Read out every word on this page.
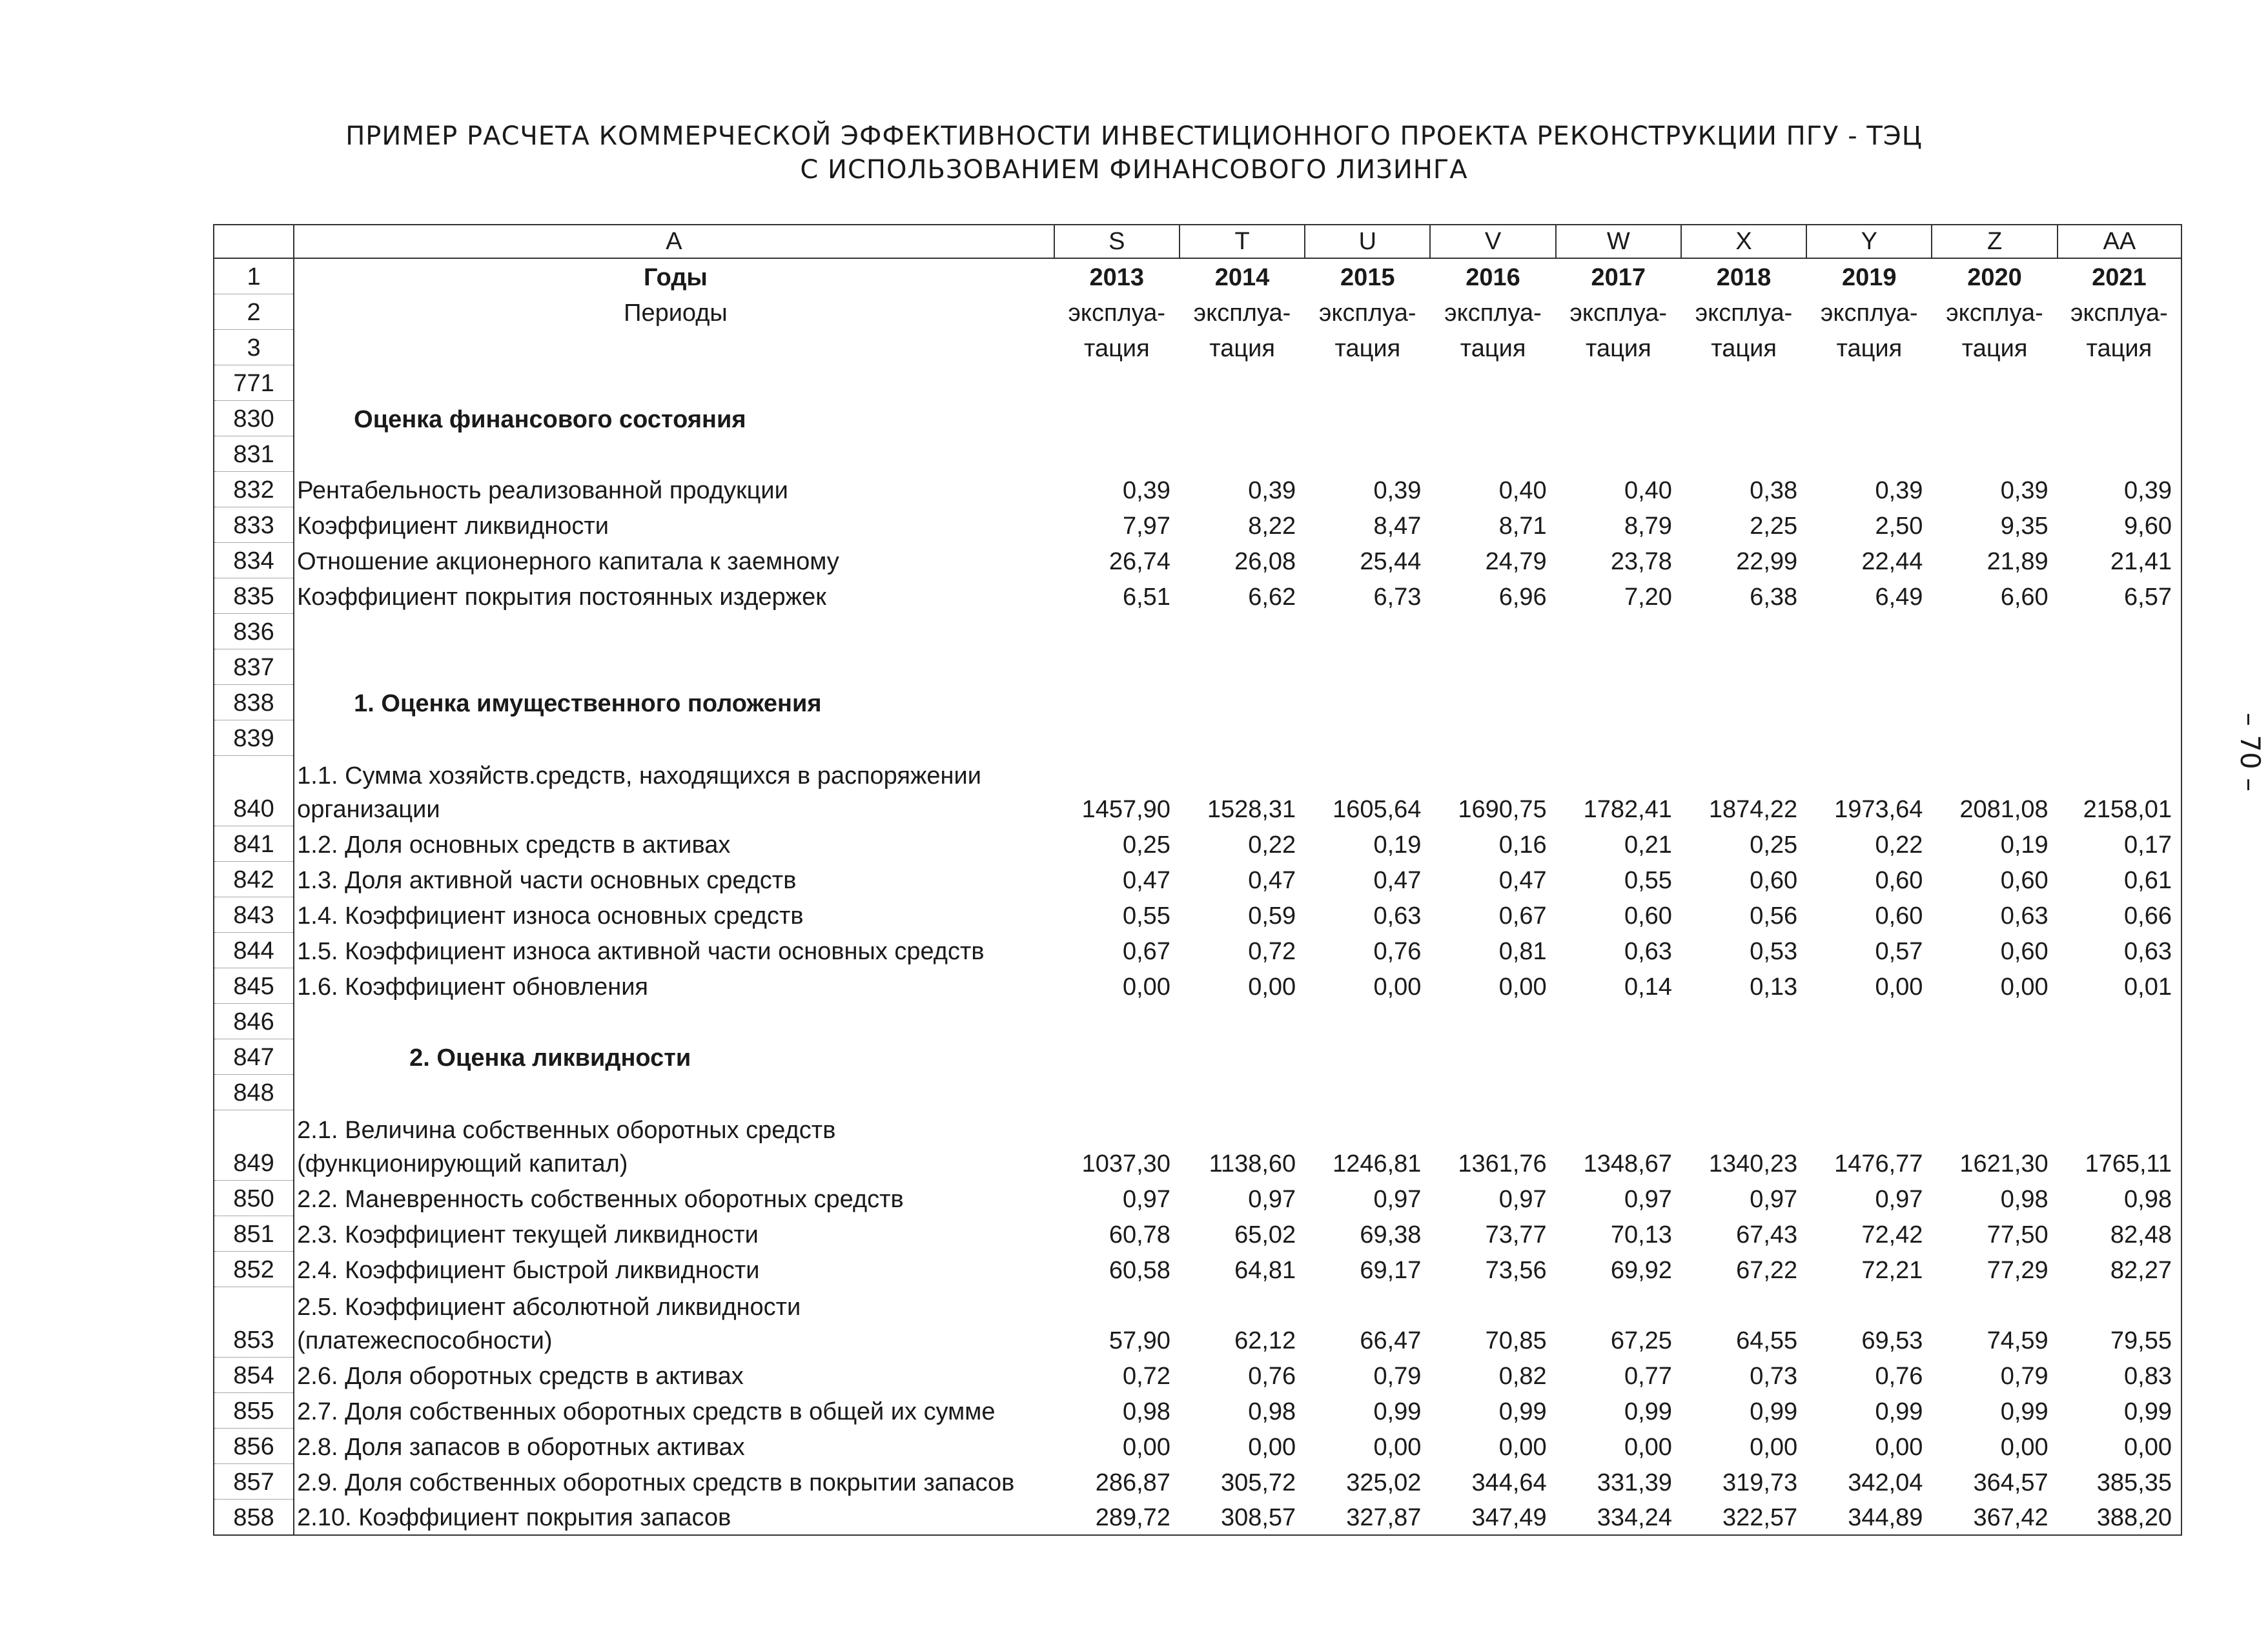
ПРИМЕР РАСЧЕТА КОММЕРЧЕСКОЙ ЭФФЕКТИВНОСТИ ИНВЕСТИЦИОННОГО ПРОЕКТА РЕКОНСТРУКЦИИ ПГУ - ТЭЦ
С ИСПОЛЬЗОВАНИЕМ ФИНАНСОВОГО ЛИЗИНГА
	A	S	T	U	V	W	X	Y	Z	AA
1	Годы	2013	2014	2015	2016	2017	2018	2019	2020	2021
2	Периоды	эксплуа-	эксплуа-	эксплуа-	эксплуа-	эксплуа-	эксплуа-	эксплуа-	эксплуа-	эксплуа-
3		тация	тация	тация	тация	тация	тация	тация	тация	тация
771										
830	Оценка финансового состояния									
831										
832	Рентабельность реализованной продукции	0,39	0,39	0,39	0,40	0,40	0,38	0,39	0,39	0,39
833	Коэффициент ликвидности	7,97	8,22	8,47	8,71	8,79	2,25	2,50	9,35	9,60
834	Отношение акционерного капитала к заемному	26,74	26,08	25,44	24,79	23,78	22,99	22,44	21,89	21,41
835	Коэффициент покрытия постоянных издержек	6,51	6,62	6,73	6,96	7,20	6,38	6,49	6,60	6,57
836										
837										
838	1. Оценка имущественного положения									
839										
840	1.1. Сумма хозяйств.средств, находящихся в распоряжении организации	1457,90	1528,31	1605,64	1690,75	1782,41	1874,22	1973,64	2081,08	2158,01
841	1.2. Доля основных средств в активах	0,25	0,22	0,19	0,16	0,21	0,25	0,22	0,19	0,17
842	1.3. Доля активной части основных средств	0,47	0,47	0,47	0,47	0,55	0,60	0,60	0,60	0,61
843	1.4. Коэффициент износа основных средств	0,55	0,59	0,63	0,67	0,60	0,56	0,60	0,63	0,66
844	1.5. Коэффициент износа активной части основных средств	0,67	0,72	0,76	0,81	0,63	0,53	0,57	0,60	0,63
845	1.6. Коэффициент обновления	0,00	0,00	0,00	0,00	0,14	0,13	0,00	0,00	0,01
846										
847	2. Оценка ликвидности									
848										
849	2.1. Величина собственных оборотных средств (функционирующий капитал)	1037,30	1138,60	1246,81	1361,76	1348,67	1340,23	1476,77	1621,30	1765,11
850	2.2. Маневренность собственных оборотных средств	0,97	0,97	0,97	0,97	0,97	0,97	0,97	0,98	0,98
851	2.3. Коэффициент текущей ликвидности	60,78	65,02	69,38	73,77	70,13	67,43	72,42	77,50	82,48
852	2.4. Коэффициент быстрой ликвидности	60,58	64,81	69,17	73,56	69,92	67,22	72,21	77,29	82,27
853	2.5. Коэффициент абсолютной ликвидности (платежеспособности)	57,90	62,12	66,47	70,85	67,25	64,55	69,53	74,59	79,55
854	2.6. Доля оборотных средств в активах	0,72	0,76	0,79	0,82	0,77	0,73	0,76	0,79	0,83
855	2.7. Доля собственных оборотных средств в общей их сумме	0,98	0,98	0,99	0,99	0,99	0,99	0,99	0,99	0,99
856	2.8. Доля запасов в оборотных активах	0,00	0,00	0,00	0,00	0,00	0,00	0,00	0,00	0,00
857	2.9. Доля собственных оборотных средств в покрытии запасов	286,87	305,72	325,02	344,64	331,39	319,73	342,04	364,57	385,35
858	2.10. Коэффициент покрытия запасов	289,72	308,57	327,87	347,49	334,24	322,57	344,89	367,42	388,20
– 70 –
